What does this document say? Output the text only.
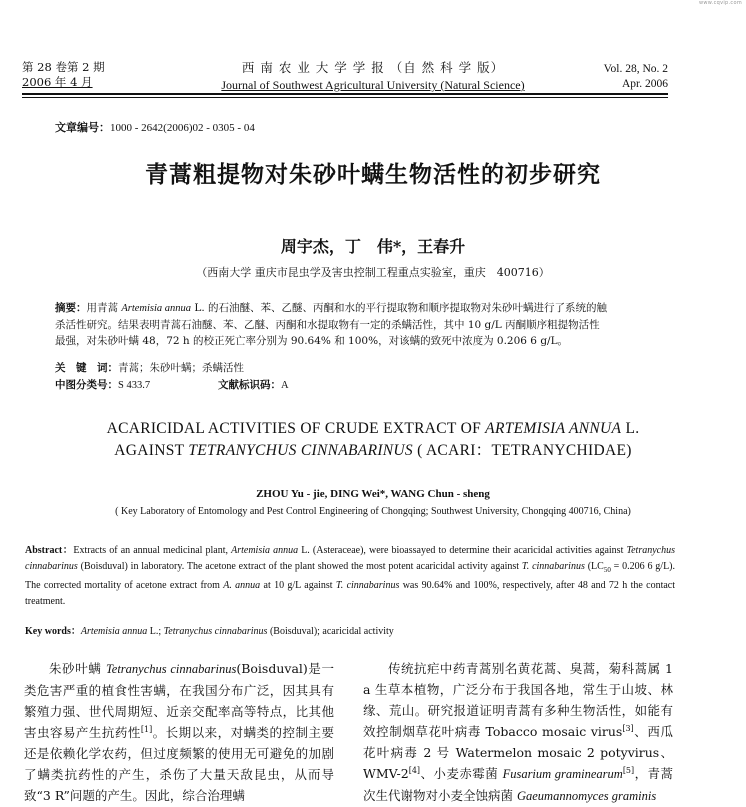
www.cqvip.com
第 28 卷第 2 期
2006 年 4 月
西 南 农 业 大 学 学 报 （自 然 科 学 版）
Journal of Southwest Agricultural University (Natural Science)
Vol. 28, No. 2
Apr. 2006
文章编号：1000 - 2642(2006)02 - 0305 - 04
青蒿粗提物对朱砂叶螨生物活性的初步研究
周宇杰，丁　伟*，王春升
（西南大学 重庆市昆虫学及害虫控制工程重点实验室，重庆　400716）
摘要：用青蒿 Artemisia annua L. 的石油醚、苯、乙醚、丙酮和水的平行提取物和顺序提取物对朱砂叶螨进行了系统的触
杀活性研究。结果表明青蒿石油醚、苯、乙醚、丙酮和水提取物有一定的杀螨活性，其中 10 g/L 丙酮顺序粗提物活性
最强，对朱砂叶螨 48，72 h 的校正死亡率分别为 90.64% 和 100%，对该螨的致死中浓度为 0.206 6 g/L。
关　键　词：青蒿；朱砂叶螨；杀螨活性
中图分类号：S 433.7	文献标识码：A
ACARICIDAL ACTIVITIES OF CRUDE EXTRACT OF ARTEMISIA ANNUA L.
AGAINST TETRANYCHUS CINNABARINUS ( ACARI：TETRANYCHIDAE)
ZHOU Yu - jie, DING Wei*, WANG Chun - sheng
( Key Laboratory of Entomology and Pest Control Engineering of Chongqing; Southwest University, Chongqing 400716, China)
Abstract：Extracts of an annual medicinal plant, Artemisia annua L. (Asteraceae), were bioassayed to determine their acaricidal activities against Tetranychus cinnabarinus (Boisduval) in laboratory. The acetone extract of the plant showed the most potent acaricidal activity against T. cinnabarinus ($LC_{50} = 0.206$ 6 g/L). The corrected mortality of acetone extract from A. annua at 10 g/L against T. cinnabarinus was 90.64% and 100%, respectively, after 48 and 72 h the contact treatment.
Key words：Artemisia annua L.; Tetranychus cinnabarinus (Boisduval); acaricidal activity
朱砂叶螨 Tetranychus cinnabarinus(Boisduval)是一类危害严重的植食性害螨，在我国分布广泛，因其具有繁殖力强、世代周期短、近亲交配率高等特点，比其他害虫容易产生抗药性[1]。长期以来，对螨类的控制主要还是依赖化学农药，但过度频繁的使用无可避免的加剧了螨类抗药性的产生，杀伤了大量天敌昆虫，从而导致“3 R”问题的产生。因此，综合治理螨
传统抗疟中药青蒿别名黄花蒿、臭蒿，菊科蒿属 1 a 生草本植物，广泛分布于我国各地，常生于山坡、林缘、荒山。研究报道证明青蒿有多种生物活性，如能有效控制烟草花叶病毒 Tobacco mosaic virus[3]、西瓜花叶病毒 2 号 Watermelon mosaic 2 potyvirus、WMV-2[4]、小麦赤霉菌 Fusarium graminearum[5]，青蒿次生代谢物对小麦全蚀病菌 Gaeumannomyces graminis
